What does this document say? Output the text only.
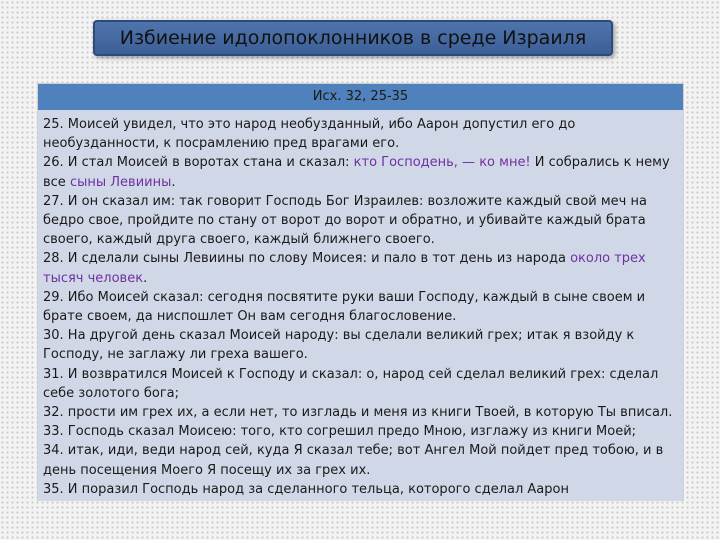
Избиение идолопоклонников в среде Израиля
Исх. 32, 25-35

25. Моисей увидел, что это народ необузданный, ибо Аарон допустил его до необузданности, к посрамлению пред врагами его.

26. И стал Моисей в воротах стана и сказал: кто Господень, — ко мне! И собрались к нему все сыны Левиины.

27. И он сказал им: так говорит Господь Бог Израилев: возложите каждый свой меч на бедро свое, пройдите по стану от ворот до ворот и обратно, и убивайте каждый брата своего, каждый друга своего, каждый ближнего своего.

28. И сделали сыны Левиины по слову Моисея: и пало в тот день из народа около трех тысяч человек.

29. Ибо Моисей сказал: сегодня посвятите руки ваши Господу, каждый в сыне своем и брате своем, да ниспошлет Он вам сегодня благословение.

30. На другой день сказал Моисей народу: вы сделали великий грех; итак я взойду к Господу, не заглажу ли греха вашего.

31. И возвратился Моисей к Господу и сказал: о, народ сей сделал великий грех: сделал себе золотого бога;

32. прости им грех их, а если нет, то изгладь и меня из книги Твоей, в которую Ты вписал.

33. Господь сказал Моисею: того, кто согрешил предо Мною, изглажу из книги Моей;

34. итак, иди, веди народ сей, куда Я сказал тебе; вот Ангел Мой пойдет пред тобою, и в день посещения Моего Я посещу их за грех их.

35. И поразил Господь народ за сделанного тельца, которого сделал Аарон
